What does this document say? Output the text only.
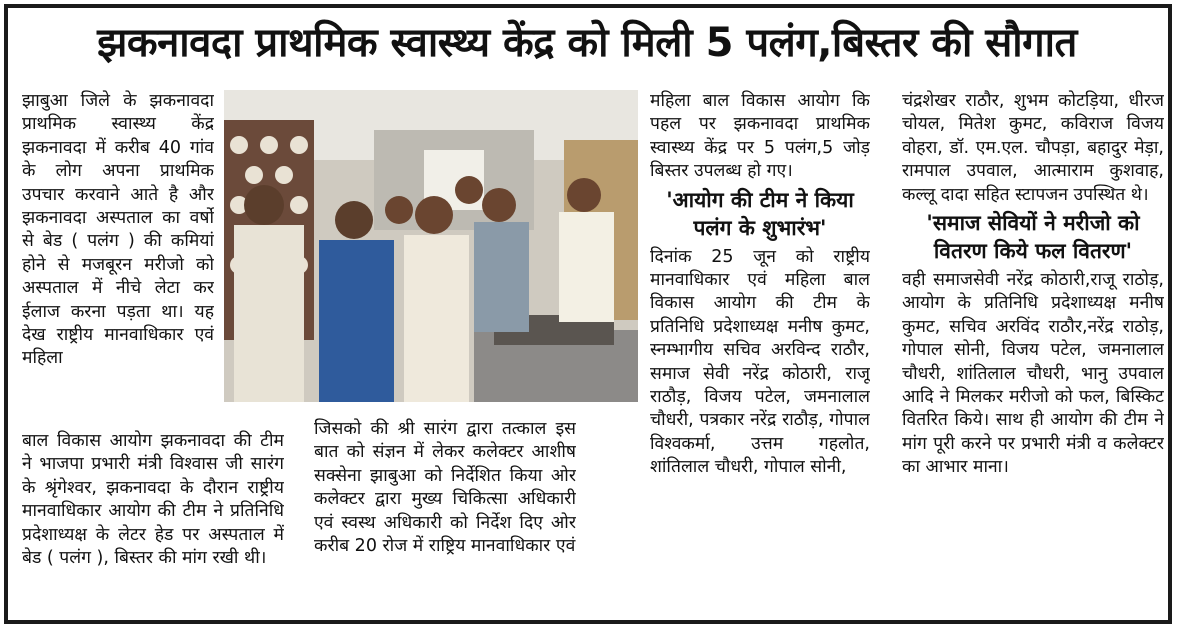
झकनावदा प्राथमिक स्वास्थ्य केंद्र को मिली 5 पलंग,बिस्तर की सौगात

झाबुआ जिले के झकनावदा प्राथमिक स्वास्थ्य केंद्र झकनावदा में करीब 40 गांव के लोग अपना प्राथमिक उपचार करवाने आते है और झकनावदा अस्पताल का वर्षो से बेड ( पलंग ) की कमियां होने से मजबूरन मरीजो को अस्पताल में नीचे लेटा कर ईलाज करना पड़ता था। यह देख राष्ट्रीय मानवाधिकार एवं महिला

बाल विकास आयोग झकनावदा की टीम ने भाजपा प्रभारी मंत्री विश्वास जी सारंग के श्रृंगेश्वर, झकनावदा के दौरान राष्ट्रीय मानवाधिकार आयोग की टीम ने प्रतिनिधि प्रदेशाध्यक्ष के लेटर हेड पर अस्पताल में बेड ( पलंग ), बिस्तर की मांग रखी थी।

जिसको की श्री सारंग द्वारा तत्काल इस बात को संज्ञन में लेकर कलेक्टर आशीष सक्सेना झाबुआ को निर्देशित किया ओर कलेक्टर द्वारा मुख्य चिकित्सा अधिकारी एवं स्वस्थ अधिकारी को निर्देश दिए ओर करीब 20 रोज में राष्ट्रिय मानवाधिकार एवं

महिला बाल विकास आयोग कि पहल पर झकनावदा प्राथमिक स्वास्थ्य केंद्र पर 5 पलंग,5 जोड़ बिस्तर उपलब्ध हो गए।

'आयोग की टीम ने किया पलंग के शुभारंभ'

दिनांक 25 जून को राष्ट्रीय मानवाधिकार एवं महिला बाल विकास आयोग की टीम के प्रतिनिधि प्रदेशाध्यक्ष मनीष कुमट, स्नम्भागीय सचिव अरविन्द राठौर, समाज सेवी नरेंद्र कोठारी, राजू राठौड़, विजय पटेल, जमनालाल चौधरी, पत्रकार नरेंद्र राठौड़, गोपाल विश्वकर्मा, उत्तम गहलोत, शांतिलाल चौधरी, गोपाल सोनी,

चंद्रशेखर राठौर, शुभम कोटड़िया, धीरज चोयल, मितेश कुमट, कविराज विजय वोहरा, डॉ. एम.एल. चौपड़ा, बहादुर मेड़ा, रामपाल उपवाल, आत्माराम कुशवाह, कल्लू दादा सहित स्टापजन उपस्थित थे।

'समाज सेवियों ने मरीजो को वितरण किये फल वितरण'

वही समाजसेवी नरेंद्र कोठारी,राजू राठोड़, आयोग के प्रतिनिधि प्रदेशाध्यक्ष मनीष कुमट, सचिव अरविंद राठौर,नरेंद्र राठोड़, गोपाल सोनी, विजय पटेल, जमनालाल चौधरी, शांतिलाल चौधरी, भानु उपवाल आदि ने मिलकर मरीजो को फल, बिस्किट वितरित किये। साथ ही आयोग की टीम ने मांग पूरी करने पर प्रभारी मंत्री व कलेक्टर का आभार माना।
